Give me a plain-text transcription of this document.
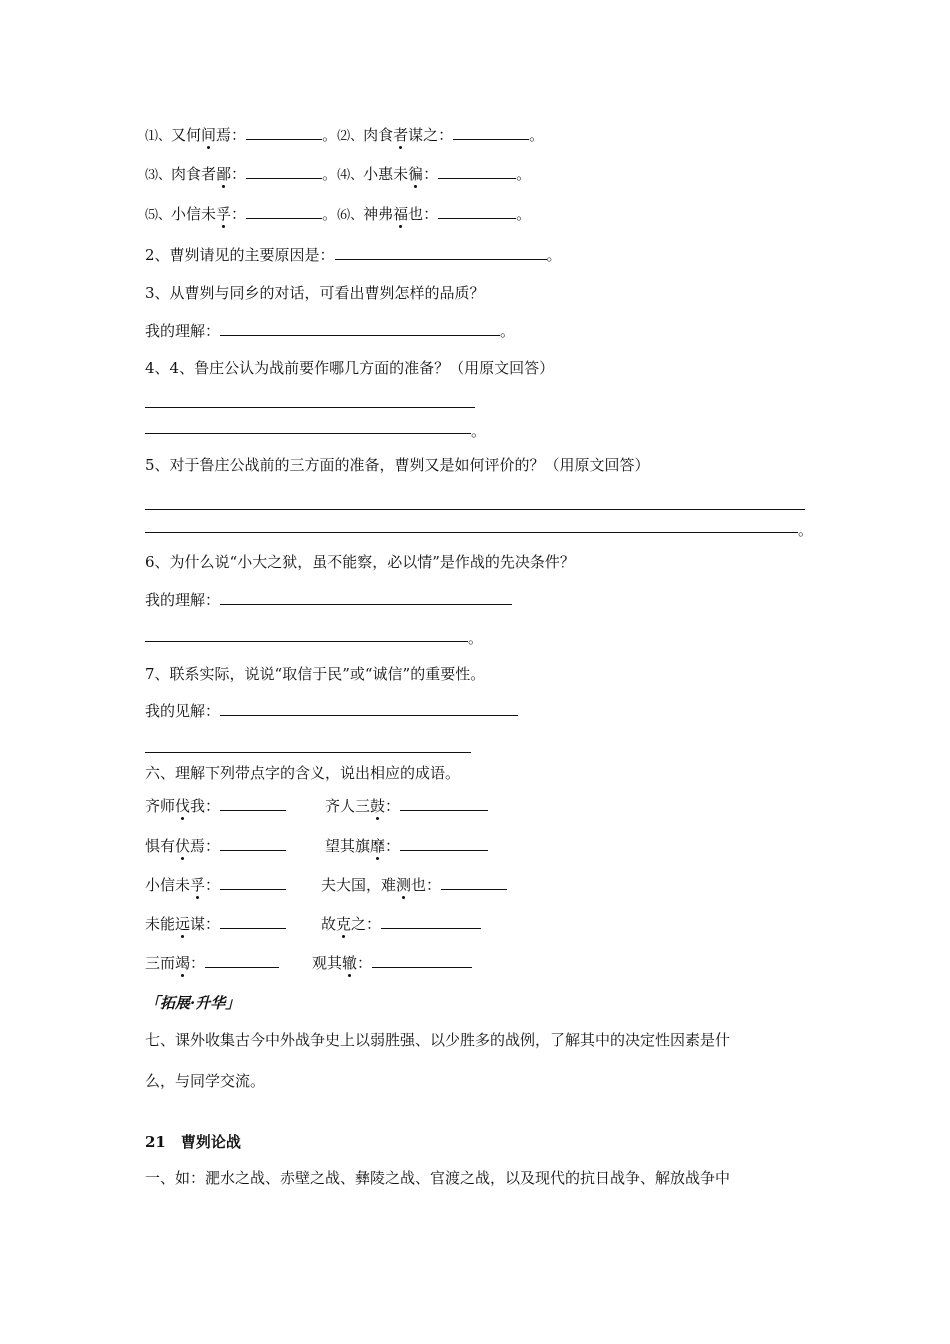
⑴、又何间焉：	。⑵、肉食者谋之：	。
⑶、肉食者鄙：	。⑷、小惠未徧：	。
⑸、小信未孚：	。⑹、神弗福也：	。
2、曹刿请见的主要原因是：	。
3、从曹刿与同乡的对话，可看出曹刿怎样的品质？
我的理解：	。
4、4、鲁庄公认为战前要作哪几方面的准备？（用原文回答）
。
5、对于鲁庄公战前的三方面的准备，曹刿又是如何评价的？（用原文回答）
。
6、为什么说“小大之狱，虽不能察，必以情”是作战的先决条件？
我的理解：
。
7、联系实际，说说“取信于民”或“诚信”的重要性。
我的见解：
六、理解下列带点字的含义，说出相应的成语。
齐师伐我：	齐人三鼓：
惧有伏焉：	望其旗靡：
小信未孚：	夫大国，难测也：
未能远谋：	故克之：
三而竭：	观其辙：
「拓展·升华」
七、课外收集古今中外战争史上以弱胜强、以少胜多的战例，了解其中的决定性因素是什
么，与同学交流。
21　曹刿论战
一、如：淝水之战、赤壁之战、彝陵之战、官渡之战，以及现代的抗日战争、解放战争中
